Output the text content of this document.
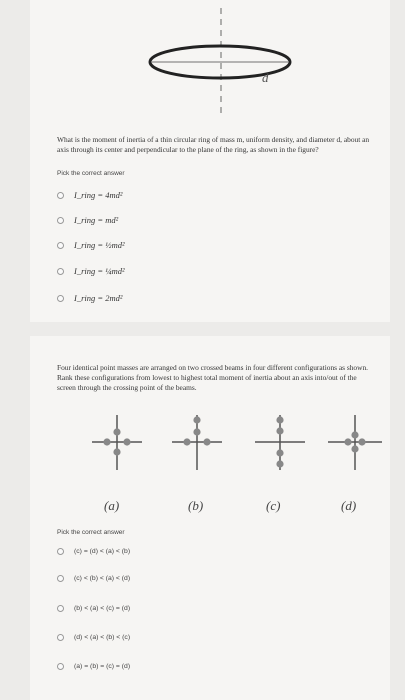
d
What is the moment of inertia of a thin circular ring of mass m, uniform density, and diameter d, about an axis through its center and perpendicular to the plane of the ring, as shown in the figure?
Pick the correct answer
I_ring = 4md²
I_ring = md²
I_ring = ½md²
I_ring = ¼md²
I_ring = 2md²
Four identical point masses are arranged on two crossed beams in four different configurations as shown. Rank these configurations from lowest to highest total moment of inertia about an axis into/out of the screen through the crossing point of the beams.
(a)	(b)	(c)	(d)
Pick the correct answer
(c) = (d) < (a) < (b)
(c) < (b) < (a) < (d)
(b) < (a) < (c) = (d)
(d) < (a) < (b) < (c)
(a) = (b) = (c) = (d)
